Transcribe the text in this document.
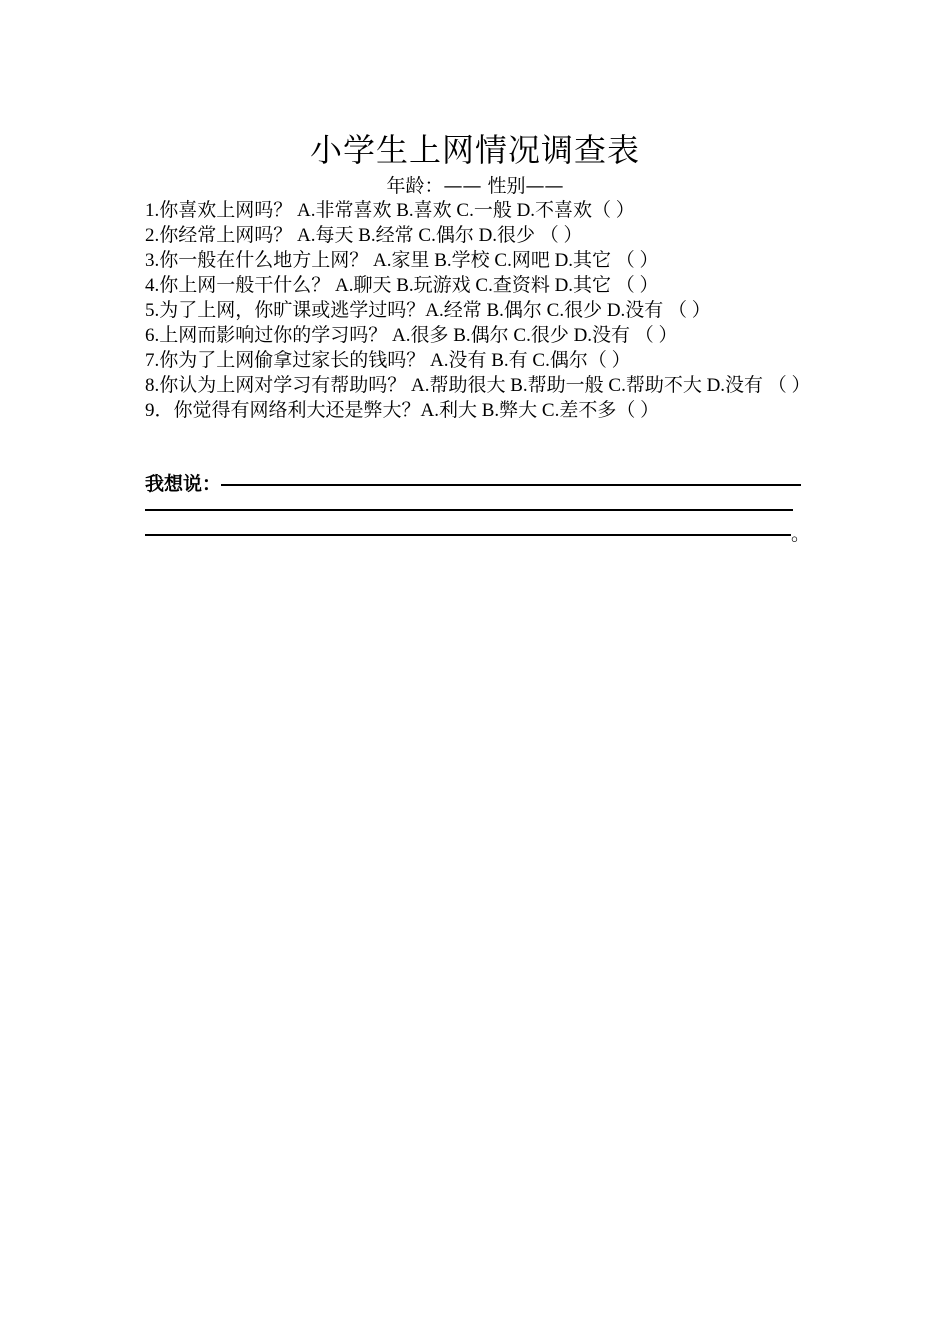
小学生上网情况调查表
年龄：—— 性别——
1.你喜欢上网吗？ A.非常喜欢 B.喜欢 C.一般 D.不喜欢（ ）
2.你经常上网吗？ A.每天 B.经常 C.偶尔 D.很少 （ ）
3.你一般在什么地方上网？ A.家里 B.学校 C.网吧 D.其它 （ ）
4.你上网一般干什么？ A.聊天 B.玩游戏 C.查资料 D.其它 （ ）
5.为了上网，你旷课或逃学过吗？A.经常 B.偶尔 C.很少 D.没有 （ ）
6.上网而影响过你的学习吗？ A.很多 B.偶尔 C.很少 D.没有 （ ）
7.你为了上网偷拿过家长的钱吗？ A.没有 B.有 C.偶尔（ ）
8.你认为上网对学习有帮助吗？ A.帮助很大 B.帮助一般 C.帮助不大 D.没有 （ ）
9．你觉得有网络利大还是弊大？A.利大 B.弊大 C.差不多（ ）
我想说：
。
